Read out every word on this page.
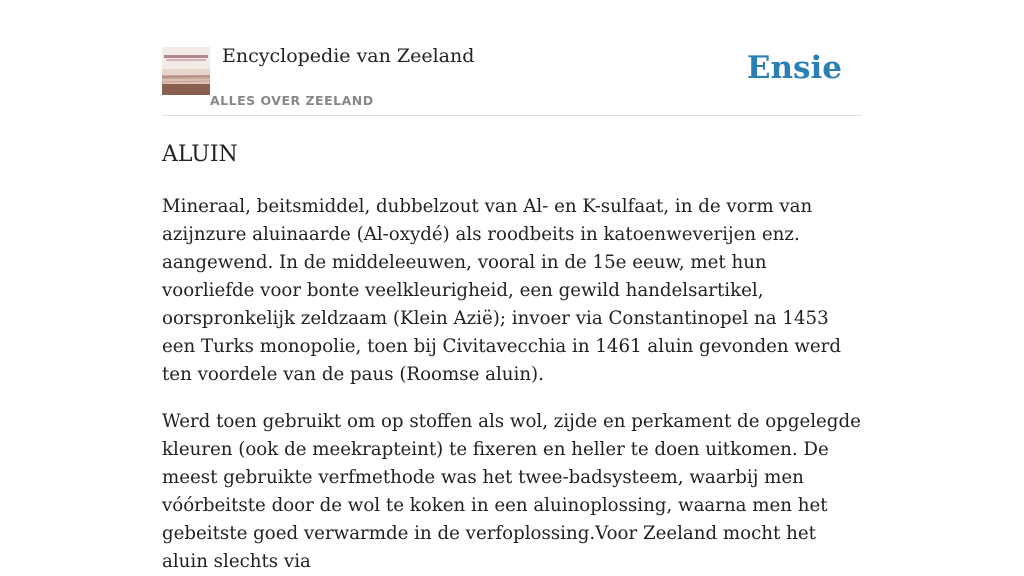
Encyclopedie van Zeeland
ALLES OVER ZEELAND
Ensie
ALUIN

Mineraal, beitsmiddel, dubbelzout van Al- en K-sulfaat, in de vorm van azijnzure aluinaarde (Al-oxydé) als roodbeits in katoenweverijen enz. aangewend. In de middeleeuwen, vooral in de 15e eeuw, met hun voorliefde voor bonte veelkleurigheid, een gewild handelsartikel, oorspronkelijk zeldzaam (Klein Azië); invoer via Constantinopel na 1453 een Turks monopolie, toen bij Civitavecchia in 1461 aluin gevonden werd ten voordele van de paus (Roomse aluin).

Werd toen gebruikt om op stoffen als wol, zijde en perkament de opgelegde kleuren (ook de meekrapteint) te fixeren en heller te doen uitkomen. De meest gebruikte verfmethode was het twee-badsysteem, waarbij men vóórbeitste door de wol te koken in een aluinoplossing, waarna men het gebeitste goed verwarmde in de verfoplossing.Voor Zeeland mocht het aluin slechts via
